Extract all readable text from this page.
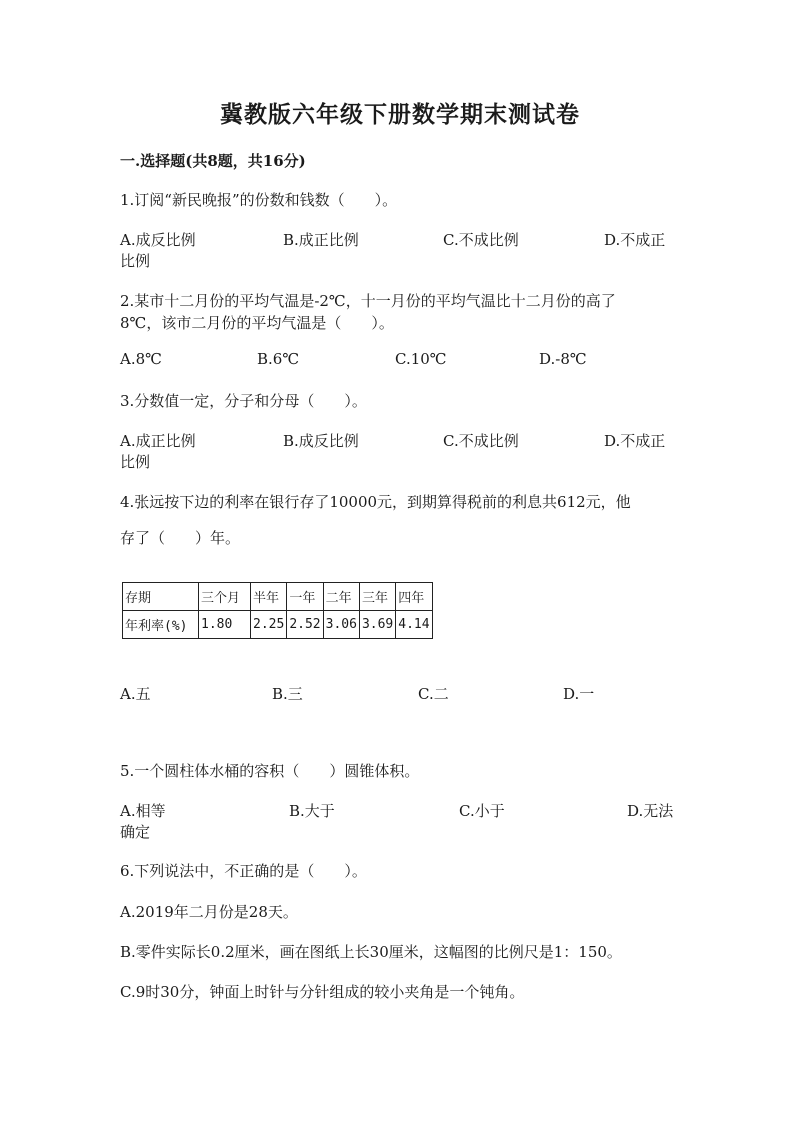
冀教版六年级下册数学期末测试卷
一.选择题(共8题，共16分)
1.订阅“新民晚报”的份数和钱数（　　）。
A.成反比例	B.成正比例	C.不成比例	D.不成正
比例
2.某市十二月份的平均气温是-2℃，十一月份的平均气温比十二月份的高了
8℃，该市二月份的平均气温是（　　）。
A.8℃	B.6℃	C.10℃	D.-8℃
3.分数值一定，分子和分母（　　）。
A.成正比例	B.成反比例	C.不成比例	D.不成正
比例
4.张远按下边的利率在银行存了10000元，到期算得税前的利息共612元，他
存了（　　）年。
存期	三个月	半年	一年	二年	三年	四年
年利率(%)	1.80	2.25	2.52	3.06	3.69	4.14
A.五	B.三	C.二	D.一
5.一个圆柱体水桶的容积（　　）圆锥体积。
A.相等	B.大于	C.小于	D.无法
确定
6.下列说法中，不正确的是（　　）。
A.2019年二月份是28天。
B.零件实际长0.2厘米，画在图纸上长30厘米，这幅图的比例尺是1：150。
C.9时30分，钟面上时针与分针组成的较小夹角是一个钝角。
